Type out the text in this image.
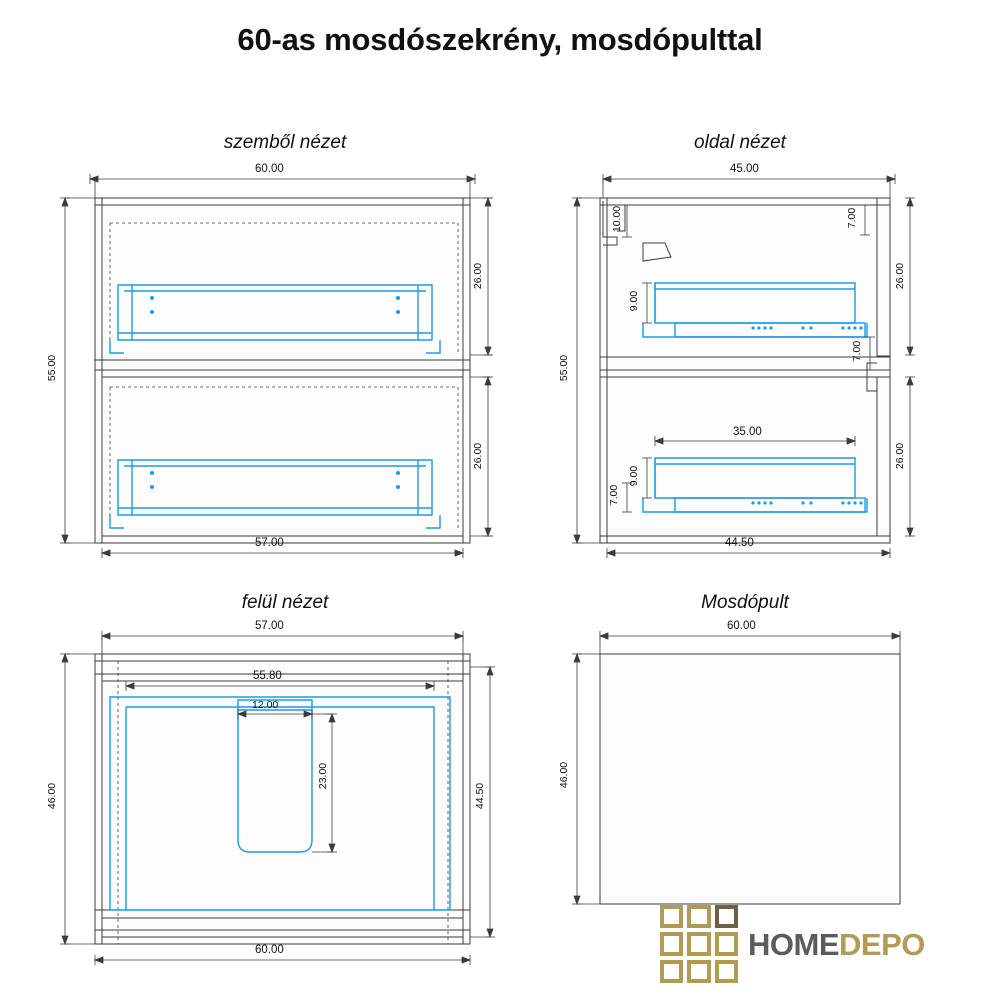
60-as mosdószekrény, mosdópulttal
szemből nézet
60.00
57.00
55.00
26.00
26.00
oldal nézet
45.00
44.50
55.00
26.00
26.00
10.00	7.00
9.00
7.00
9.00
7.00
35.00
felül nézet
57.00
55.80
12.00
23.00
46.00	44.50
60.00
Mosdópult
60.00
46.00
HOMEDEPO
